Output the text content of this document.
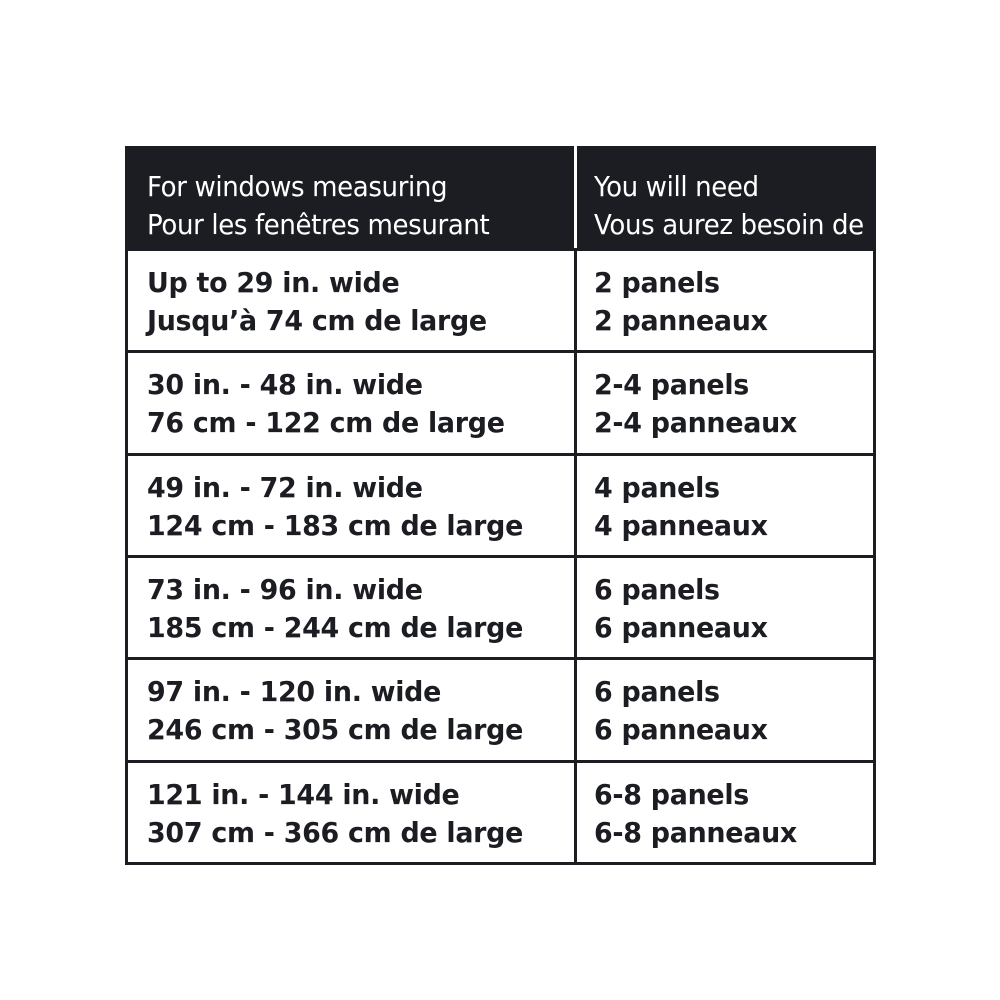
For windows measuring
Pour les fenêtres mesurant
You will need
Vous aurez besoin de
Up to 29 in. wide
Jusqu’à 74 cm de large
2 panels
2 panneaux
30 in. - 48 in. wide
76 cm - 122 cm de large
2-4 panels
2-4 panneaux
49 in. - 72 in. wide
124 cm - 183 cm de large
4 panels
4 panneaux
73 in. - 96 in. wide
185 cm - 244 cm de large
6 panels
6 panneaux
97 in. - 120 in. wide
246 cm - 305 cm de large
6 panels
6 panneaux
121 in. - 144 in. wide
307 cm - 366 cm de large
6-8 panels
6-8 panneaux
